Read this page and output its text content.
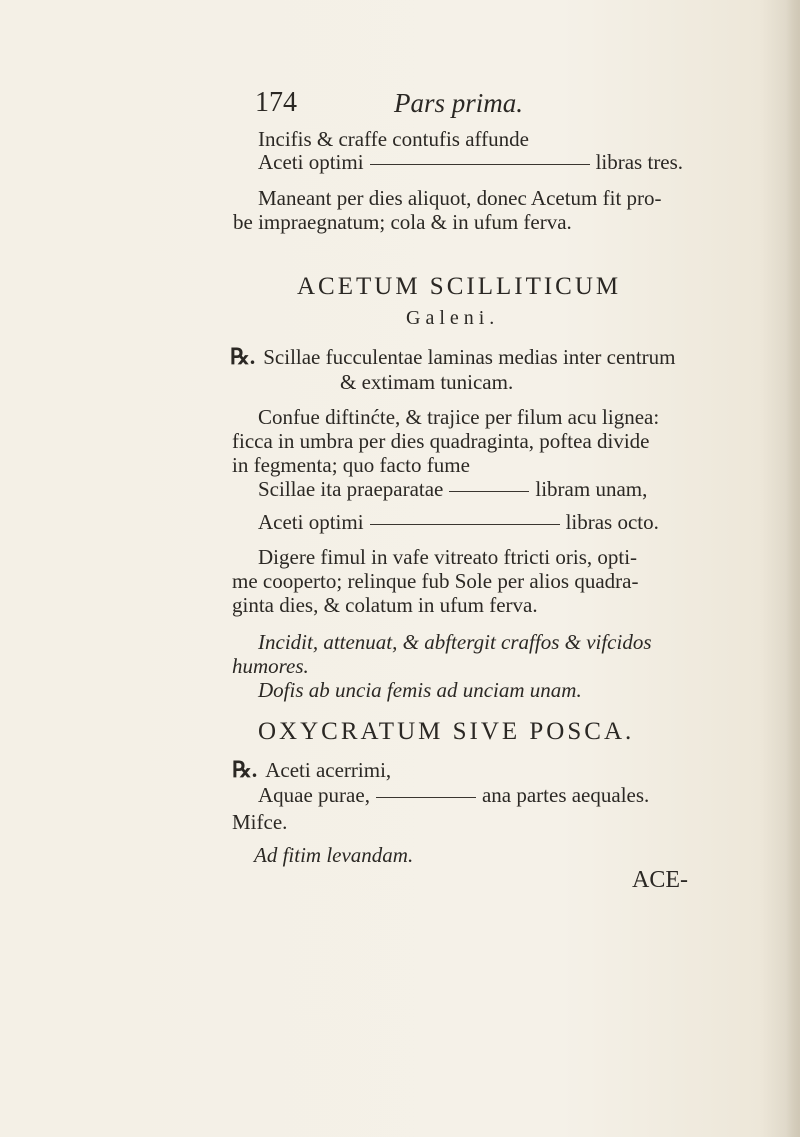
174	Pars prima.
Incifis & craffe contufis affunde
Aceti optimi	libras tres.
Maneant per dies aliquot, donec Acetum fit pro-
be impraegnatum; cola & in ufum ferva.
ACETUM SCILLITICUM
Galeni.
℞. Scillae fucculentae laminas medias inter centrum
& extimam tunicam.
Confue diftinćte, & trajice per filum acu lignea:
ficca in umbra per dies quadraginta, poftea divide
in fegmenta; quo facto fume
Scillae ita praeparatae	libram unam,
Aceti optimi	libras octo.
Digere fimul in vafe vitreato ftricti oris, opti-
me cooperto; relinque fub Sole per alios quadra-
ginta dies, & colatum in ufum ferva.
Incidit, attenuat, & abftergit craffos & vifcidos
humores.
Dofis ab uncia femis ad unciam unam.
OXYCRATUM SIVE POSCA.
℞. Aceti acerrimi,
Aquae purae,	ana partes aequales.
Mifce.
Ad fitim levandam.
ACE-
